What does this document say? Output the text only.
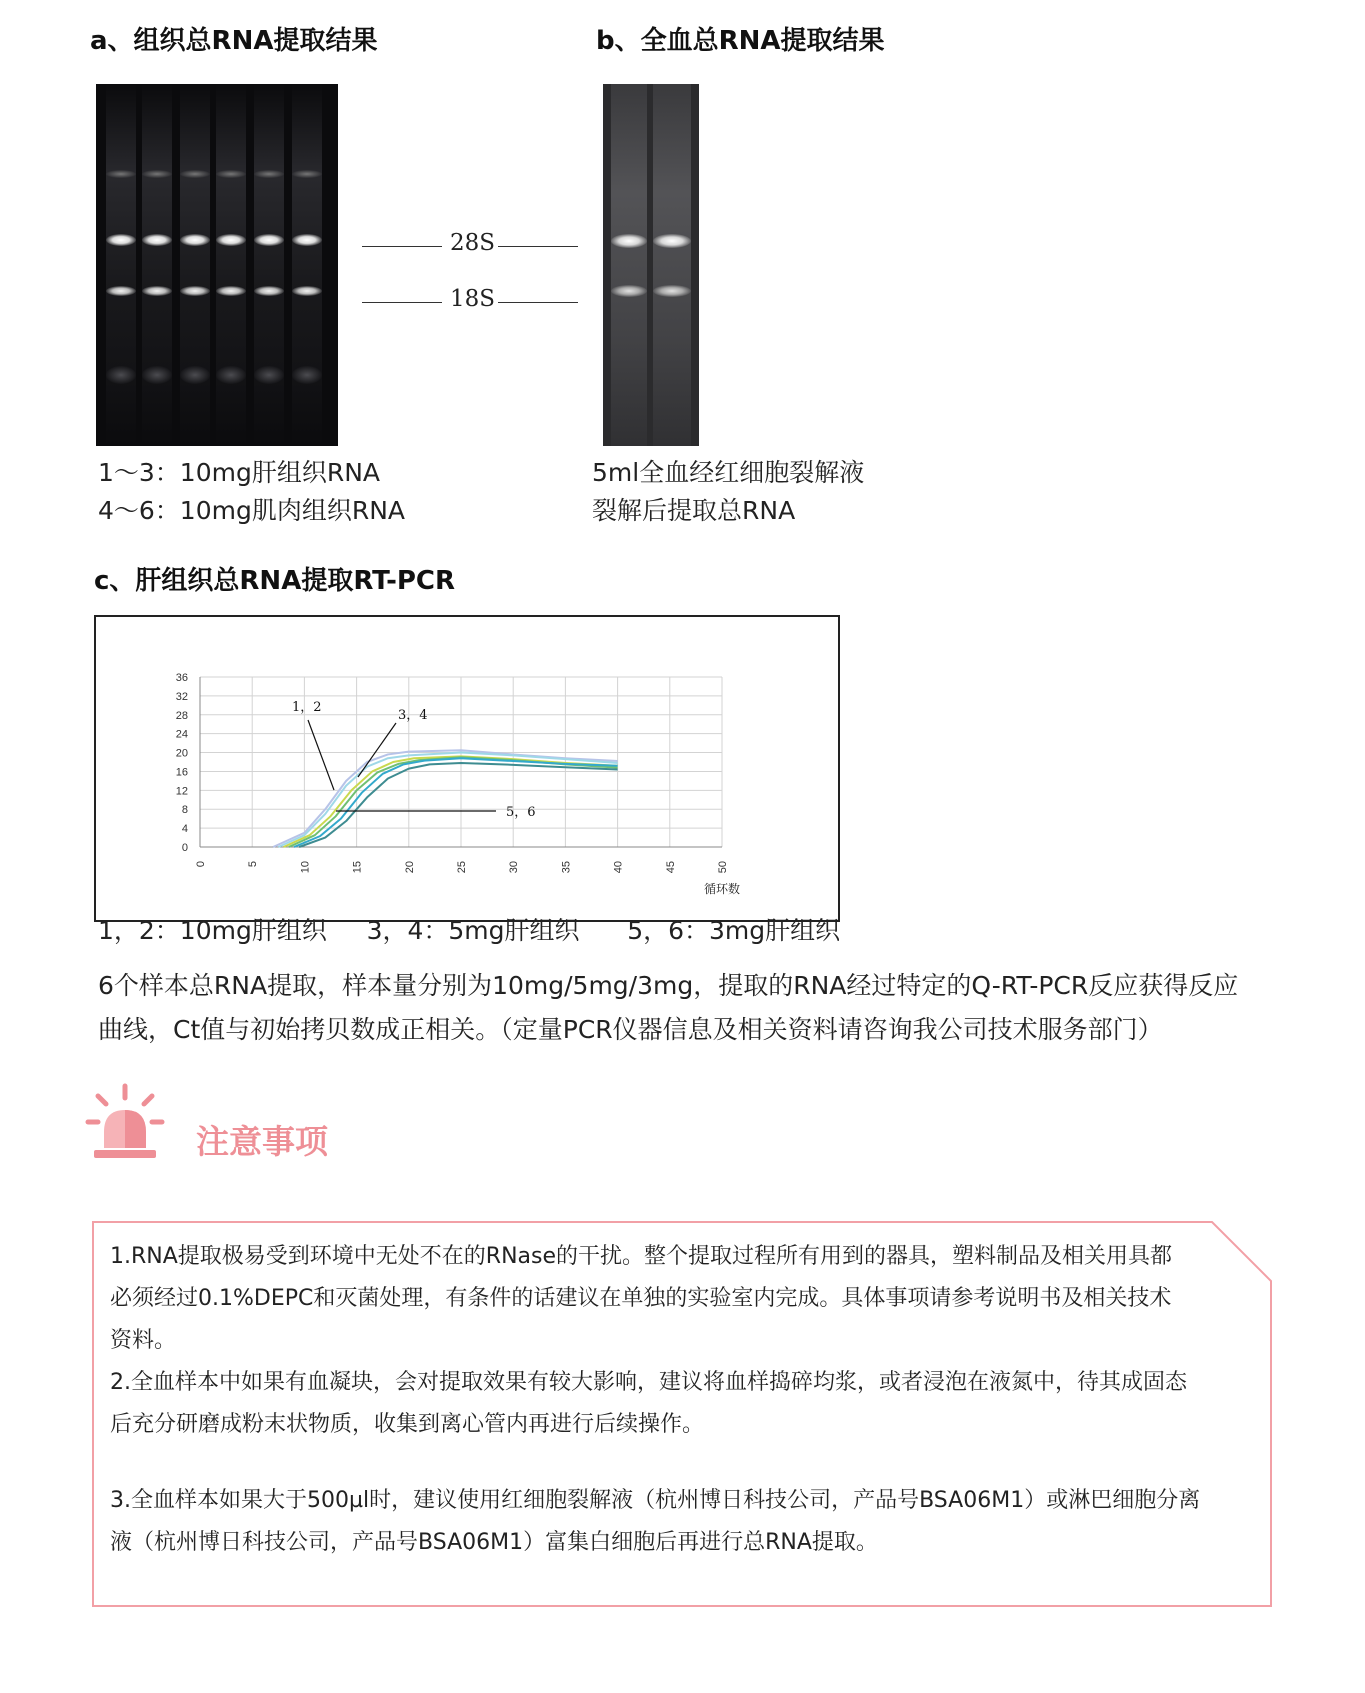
a、组织总RNA提取结果
28S
18S
1～3：10mg肝组织RNA
4～6：10mg肌肉组织RNA
b、全血总RNA提取结果
5ml全血经红细胞裂解液
裂解后提取总RNA
c、肝组织总RNA提取RT-PCR
0
4
8
12
16
20
24
28
32
36
0	5	10	15	20	25	30	35	40	45	50
循环数
1，2
3，4
5，6
1，2：10mg肝组织     3，4：5mg肝组织      5，6：3mg肝组织
6个样本总RNA提取，样本量分别为10mg/5mg/3mg，提取的RNA经过特定的Q-RT-PCR反应获得反应曲线，Ct值与初始拷贝数成正相关。（定量PCR仪器信息及相关资料请咨询我公司技术服务部门）
注意事项
1.RNA提取极易受到环境中无处不在的RNase的干扰。整个提取过程所有用到的器具，塑料制品及相关用具都
必须经过0.1%DEPC和灭菌处理，有条件的话建议在单独的实验室内完成。具体事项请参考说明书及相关技术
资料。
2.全血样本中如果有血凝块，会对提取效果有较大影响，建议将血样捣碎均浆，或者浸泡在液氮中，待其成固态
后充分研磨成粉末状物质，收集到离心管内再进行后续操作。
3.全血样本如果大于500µl时，建议使用红细胞裂解液（杭州博日科技公司，产品号BSA06M1）或淋巴细胞分离
液（杭州博日科技公司，产品号BSA06M1）富集白细胞后再进行总RNA提取。
